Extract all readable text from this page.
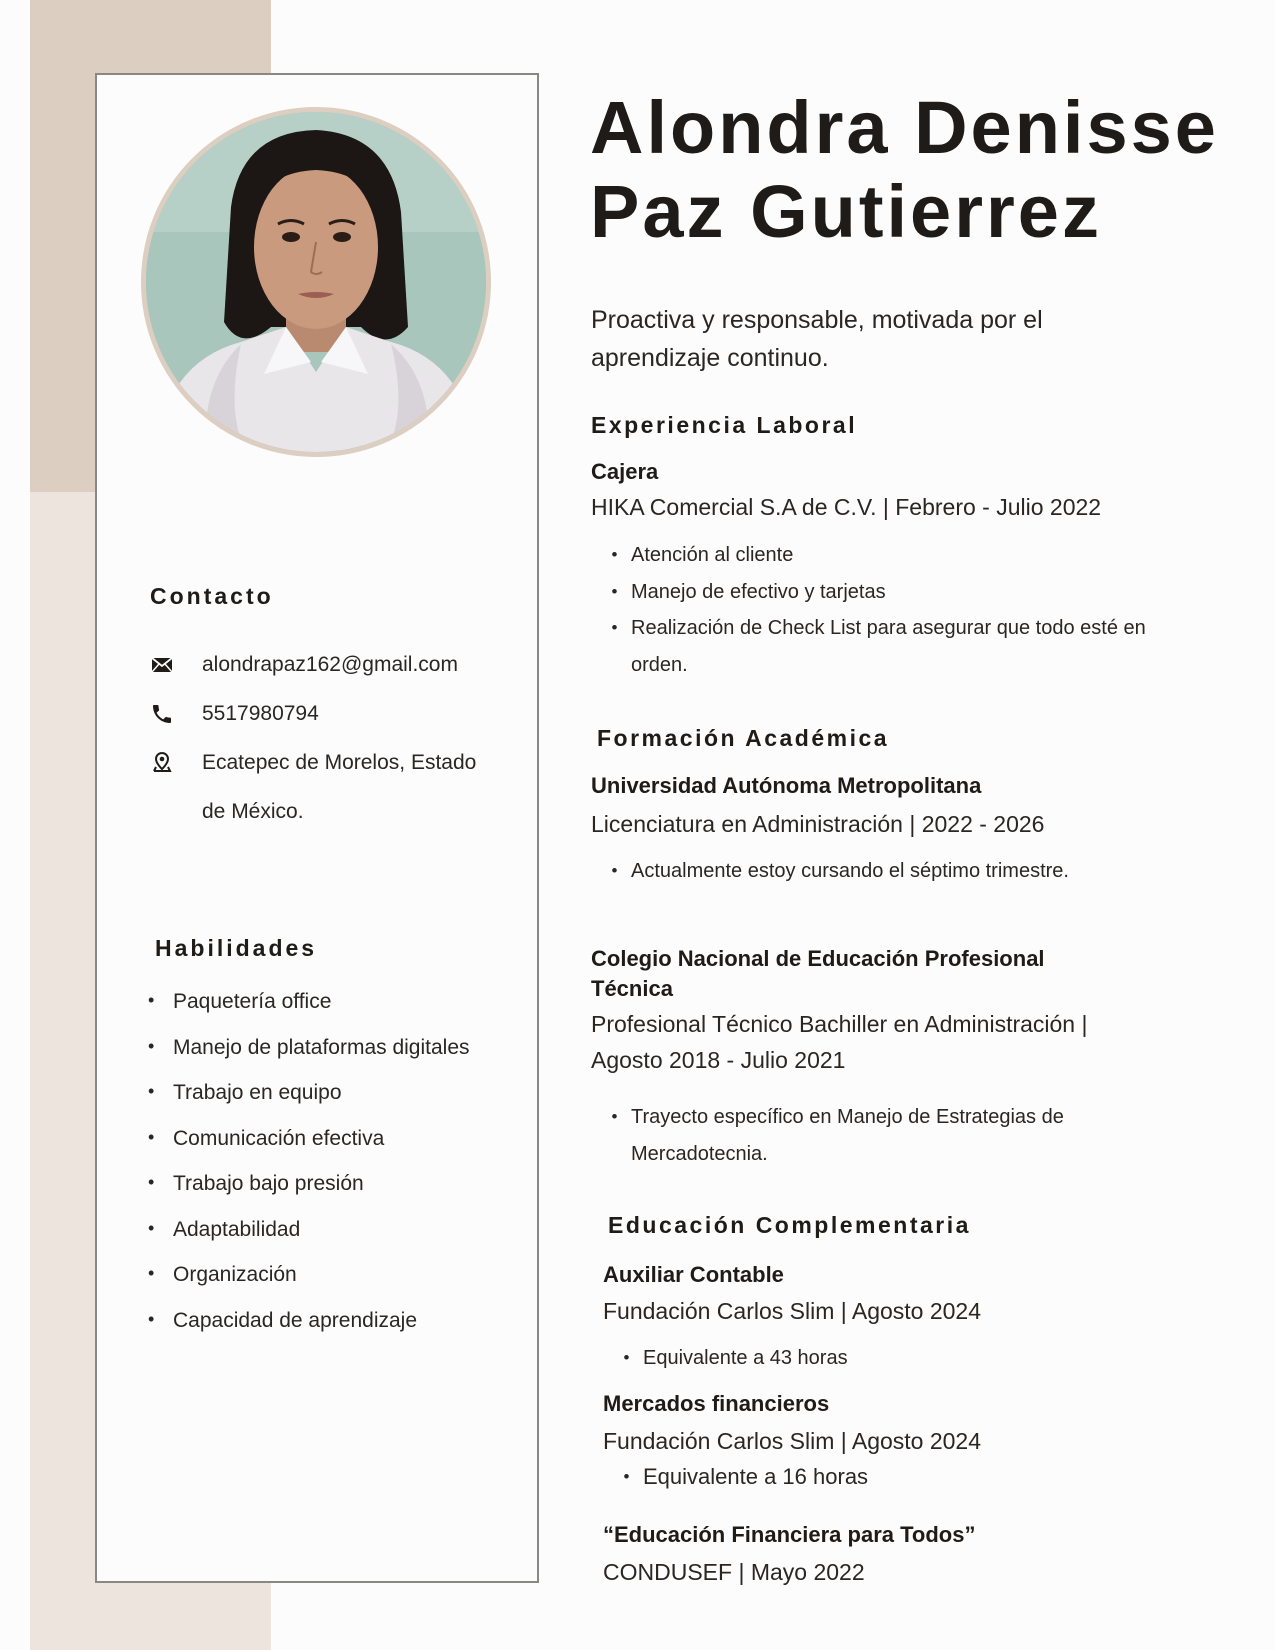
Contacto
alondrapaz162@gmail.com
5517980794
Ecatepec de Morelos, Estado de México.
Habilidades
• Paquetería office
• Manejo de plataformas digitales
• Trabajo en equipo
• Comunicación efectiva
• Trabajo bajo presión
• Adaptabilidad
• Organización
• Capacidad de aprendizaje
Alondra Denisse
Paz Gutierrez
Proactiva y responsable, motivada por el aprendizaje continuo.
Experiencia Laboral
Cajera
HIKA Comercial S.A de C.V. | Febrero - Julio 2022
• Atención al cliente
• Manejo de efectivo y tarjetas
• Realización de Check List para asegurar que todo esté en orden.
Formación Académica
Universidad Autónoma Metropolitana
Licenciatura en Administración | 2022 - 2026
• Actualmente estoy cursando el séptimo trimestre.
Colegio Nacional de Educación Profesional Técnica
Profesional Técnico Bachiller en Administración | Agosto 2018 - Julio 2021
• Trayecto específico en Manejo de Estrategias de Mercadotecnia.
Educación Complementaria
Auxiliar Contable
Fundación Carlos Slim | Agosto 2024
• Equivalente a 43 horas
Mercados financieros
Fundación Carlos Slim | Agosto 2024
• Equivalente a 16 horas
“Educación Financiera para Todos”
CONDUSEF | Mayo 2022
